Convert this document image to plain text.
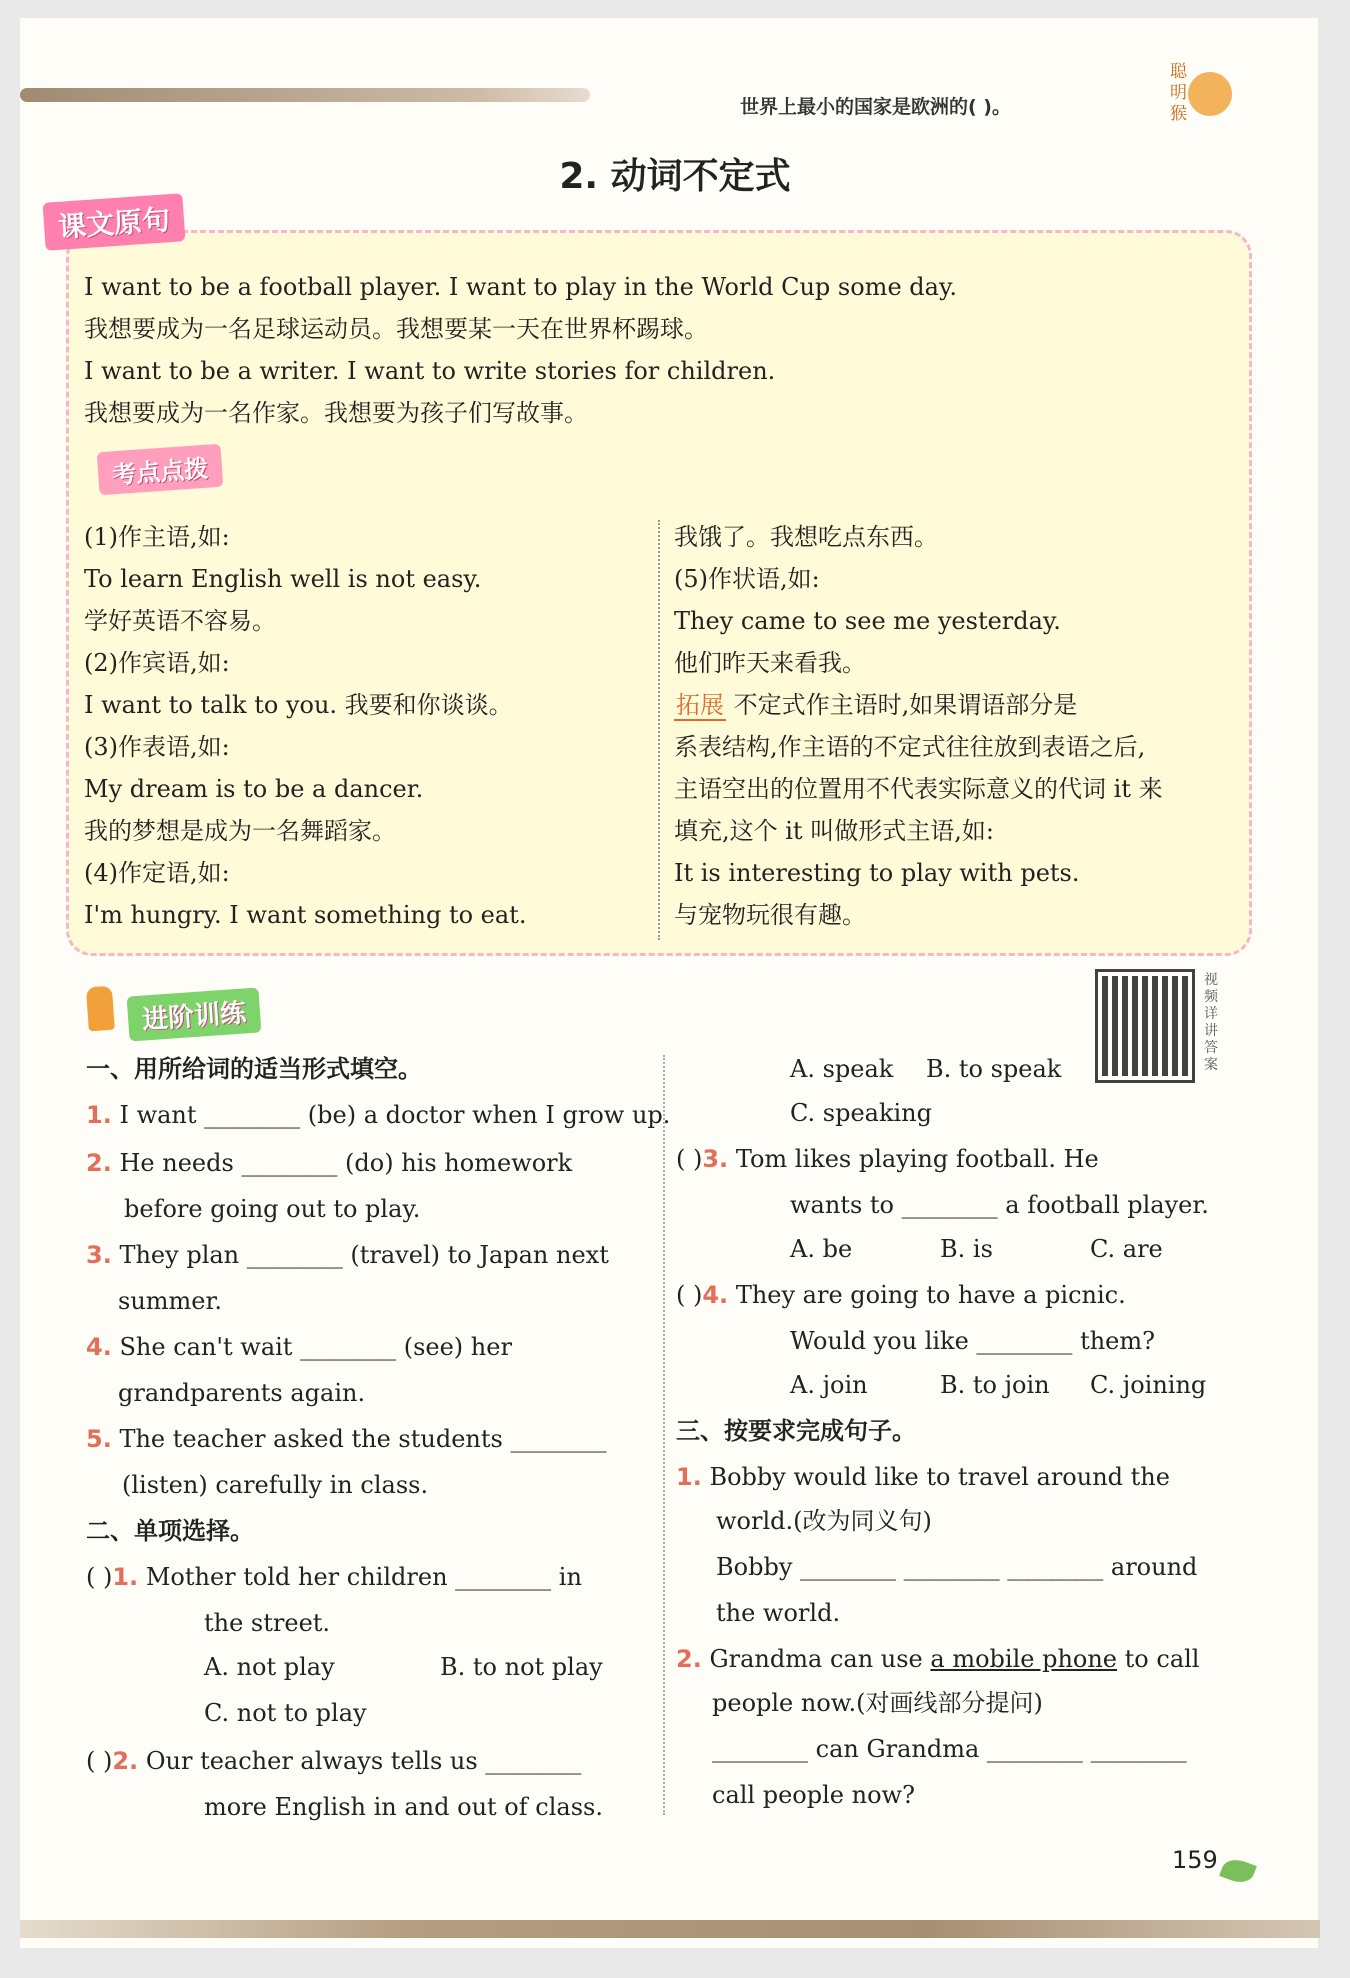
世界上最小的国家是欧洲的( )。
聪明猴
2. 动词不定式
课文原句
I want to be a football player. I want to play in the World Cup some day.
我想要成为一名足球运动员。我想要某一天在世界杯踢球。
I want to be a writer. I want to write stories for children.
我想要成为一名作家。我想要为孩子们写故事。
考点点拨
(1)作主语,如:
To learn English well is not easy.
学好英语不容易。
(2)作宾语,如:
I want to talk to you. 我要和你谈谈。
(3)作表语,如:
My dream is to be a dancer.
我的梦想是成为一名舞蹈家。
(4)作定语,如:
I'm hungry. I want something to eat.
我饿了。我想吃点东西。
(5)作状语,如:
They came to see me yesterday.
他们昨天来看我。
拓展 不定式作主语时,如果谓语部分是
系表结构,作主语的不定式往往放到表语之后,
主语空出的位置用不代表实际意义的代词 it 来
填充,这个 it 叫做形式主语,如:
It is interesting to play with pets.
与宠物玩很有趣。
进阶训练
视频详讲答案
一、用所给词的适当形式填空。
1. I want ________ (be) a doctor when I grow up.
2. He needs ________ (do) his homework
before going out to play.
3. They plan ________ (travel) to Japan next
summer.
4. She can't wait ________ (see) her
grandparents again.
5. The teacher asked the students ________
(listen) carefully in class.
二、单项选择。
( )1. Mother told her children ________ in
the street.
A. not play	B. to not play
C. not to play
( )2. Our teacher always tells us ________
more English in and out of class.
A. speak B. to speak
C. speaking
( )3. Tom likes playing football. He
wants to ________ a football player.
A. be	B. is	C. are
( )4. They are going to have a picnic.
Would you like ________ them?
A. join	B. to join C. joining
三、按要求完成句子。
1. Bobby would like to travel around the
world.(改为同义句)
Bobby ________ ________ ________ around
the world.
2. Grandma can use a mobile phone to call
people now.(对画线部分提问)
________ can Grandma ________ ________
call people now?
159
